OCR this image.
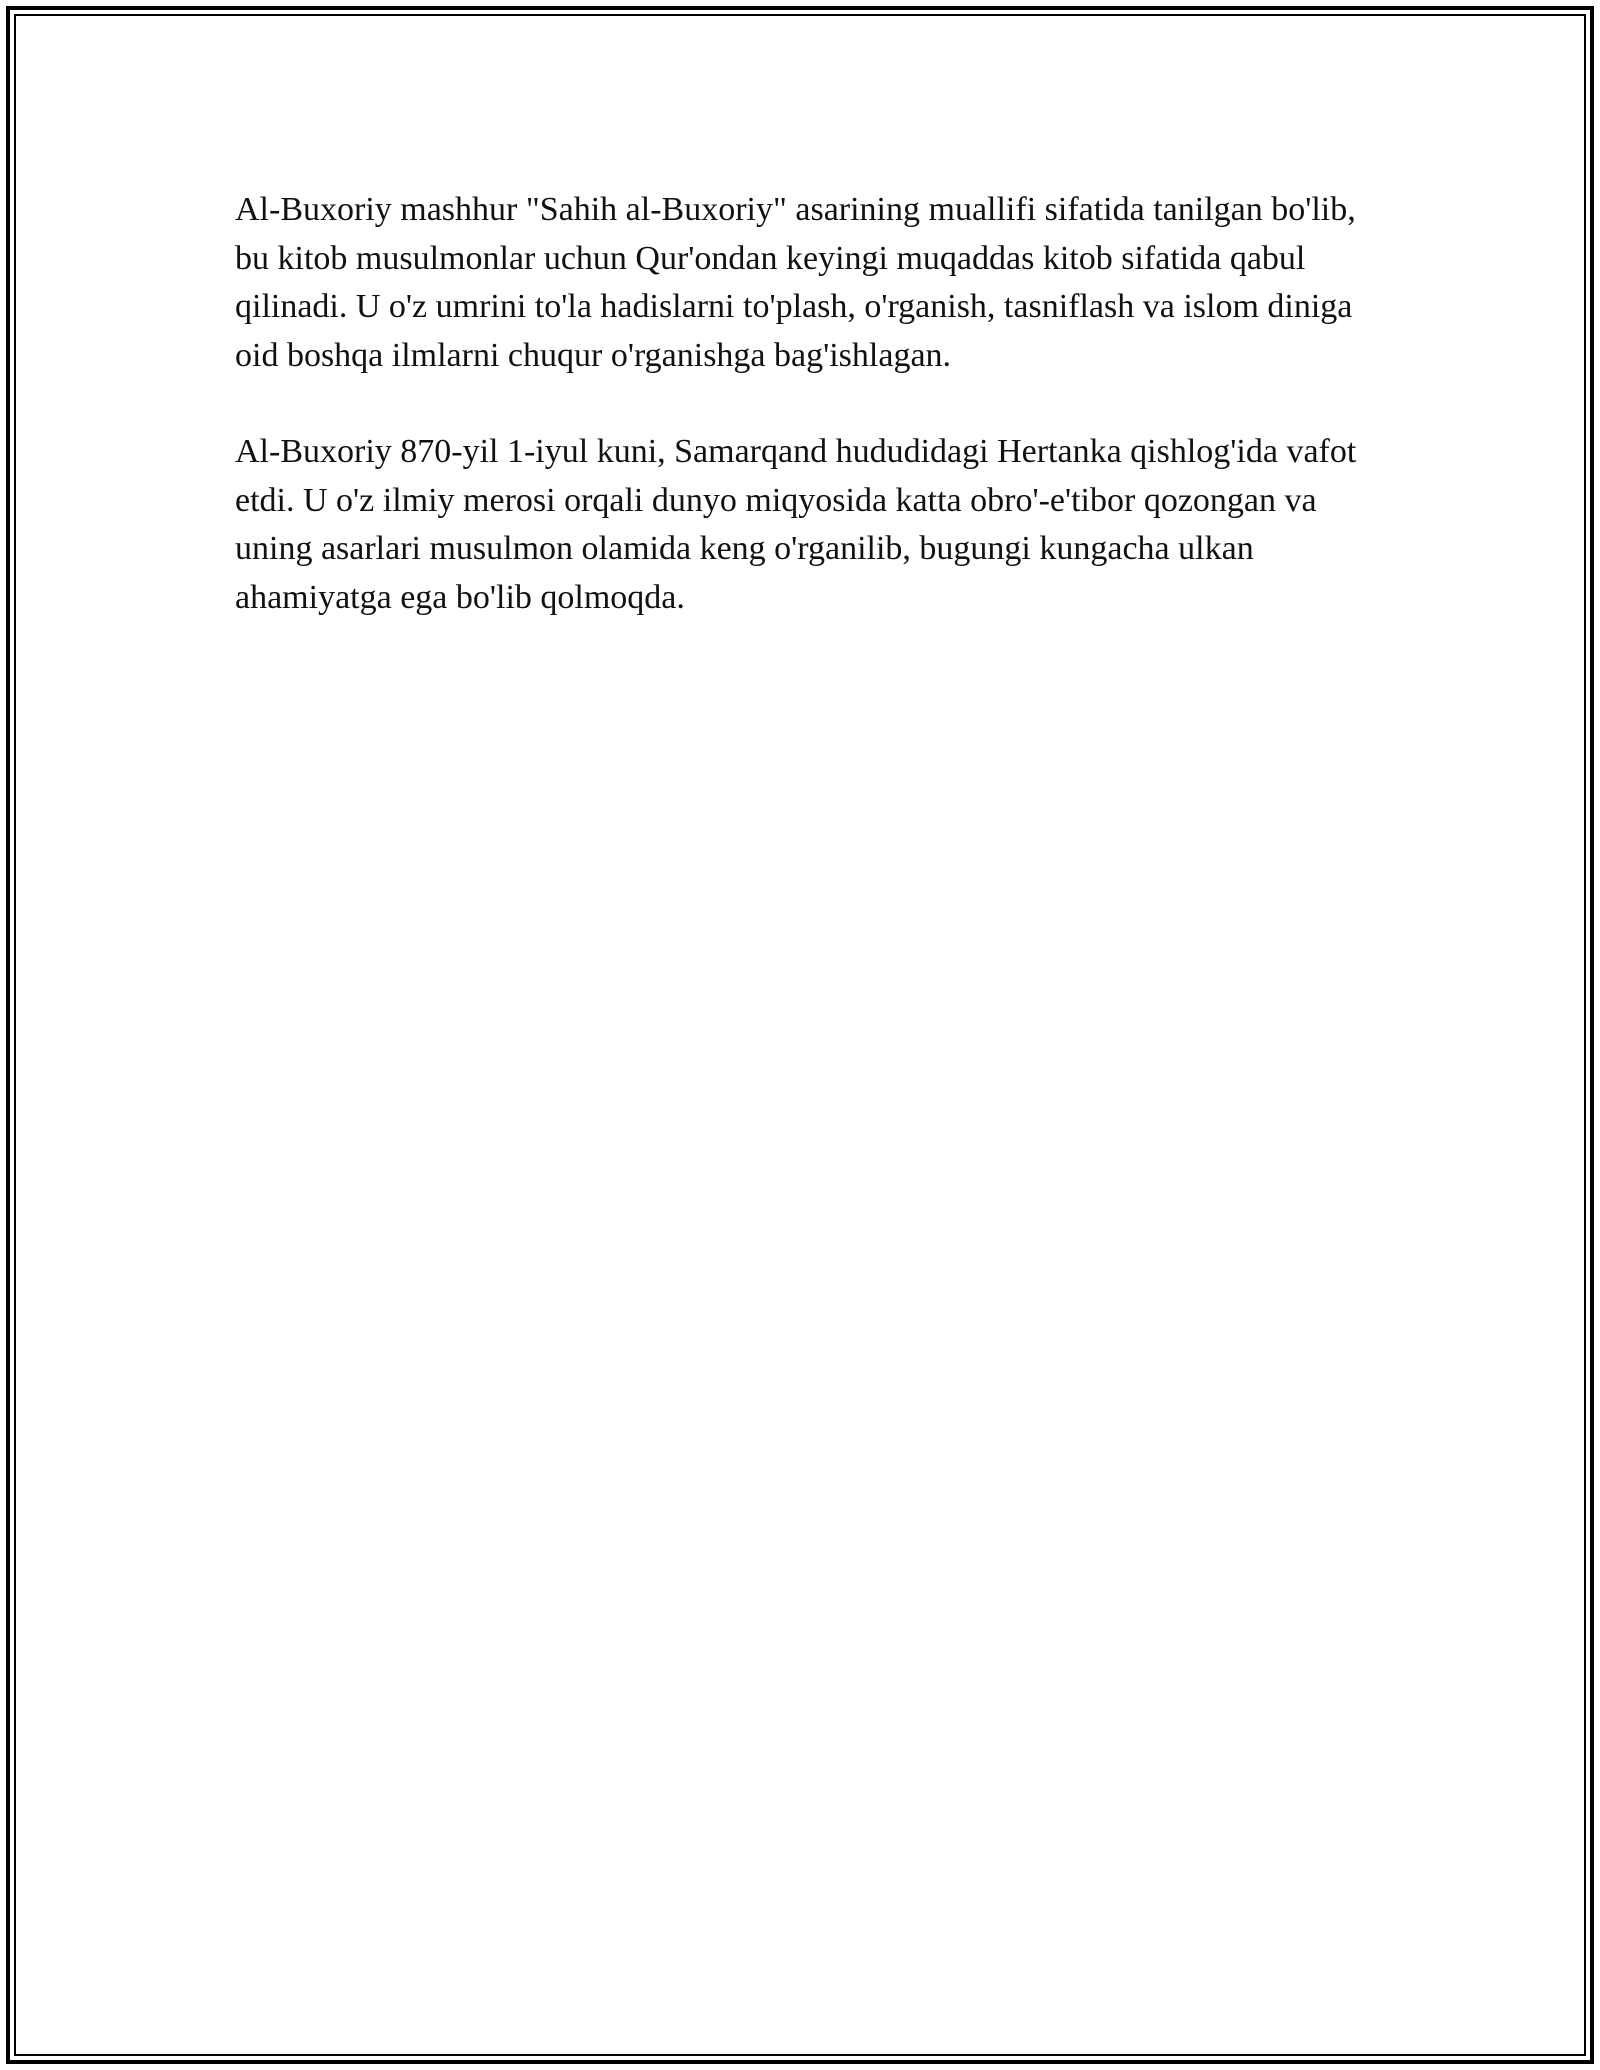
Al-Buxoriy mashhur "Sahih al-Buxoriy" asarining muallifi sifatida tanilgan bo'lib, bu kitob musulmonlar uchun Qur'ondan keyingi muqaddas kitob sifatida qabul qilinadi. U o'z umrini to'la hadislarni to'plash, o'rganish, tasniflash va islom diniga oid boshqa ilmlarni chuqur o'rganishga bag'ishlagan.

Al-Buxoriy 870-yil 1-iyul kuni, Samarqand hududidagi Hertanka qishlog'ida vafot etdi. U o'z ilmiy merosi orqali dunyo miqyosida katta obro'-e'tibor qozongan va uning asarlari musulmon olamida keng o'rganilib, bugungi kungacha ulkan ahamiyatga ega bo'lib qolmoqda.
